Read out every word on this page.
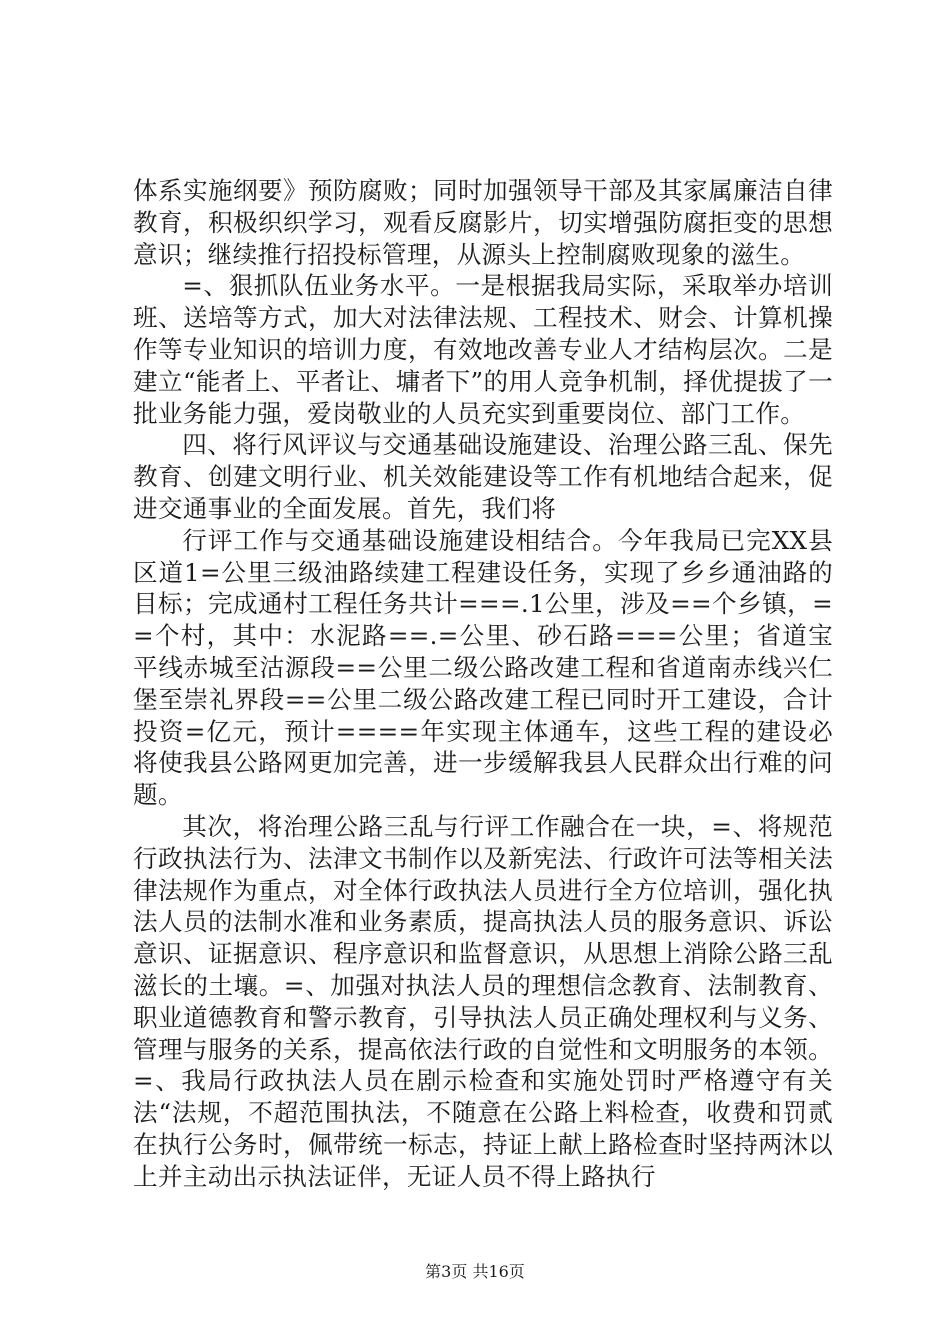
体系实施纲要》预防腐败；同时加强领导干部及其家属廉洁自律教育，积极织织学习，观看反腐影片，切实增强防腐拒变的思想意识；继续推行招投标管理，从源头上控制腐败现象的滋生。

=、狠抓队伍业务水平。一是根据我局实际，采取举办培训班、送培等方式，加大对法律法规、工程技术、财会、计算机操作等专业知识的培训力度，有效地改善专业人才结构层次。二是建立“能者上、平者让、墉者下”的用人竞争机制，择优提拔了一批业务能力强，爱岗敬业的人员充实到重要岗位、部门工作。

四、将行风评议与交通基础设施建设、治理公路三乱、保先教育、创建文明行业、机关效能建设等工作有机地结合起来，促进交通事业的全面发展。首先，我们将

行评工作与交通基础设施建设相结合。今年我局已完XX县区道1=公里三级油路续建工程建设任务，实现了乡乡通油路的目标；完成通村工程任务共计===.1公里，涉及==个乡镇，==个村，其中：水泥路==.=公里、砂石路===公里；省道宝平线赤城至沽源段==公里二级公路改建工程和省道南赤线兴仁堡至崇礼界段==公里二级公路改建工程已同时开工建设，合计投资=亿元，预计====年实现主体通车，这些工程的建设必将使我县公路网更加完善，进一步缓解我县人民群众出行难的问题。

其次，将治理公路三乱与行评工作融合在一块，=、将规范行政执法行为、法津文书制作以及新宪法、行政许可法等相关法律法规作为重点，对全体行政执法人员进行全方位培训，强化执法人员的法制水准和业务素质，提高执法人员的服务意识、诉讼意识、证据意识、程序意识和监督意识，从思想上消除公路三乱滋长的土壤。=、加强对执法人员的理想信念教育、法制教育、职业道德教育和警示教育，引导执法人员正确处理权利与义务、管理与服务的关系，提高依法行政的自觉性和文明服务的本领。=、我局行政执法人员在剧示检查和实施处罚时严格遵守有关法“法规，不超范围执法，不随意在公路上料检查，收费和罚贰在执行公务时，佩带统一标志，持证上献上路检查时坚持两沐以上并主动出示执法证伴，无证人员不得上路执行

第3页 共16页
